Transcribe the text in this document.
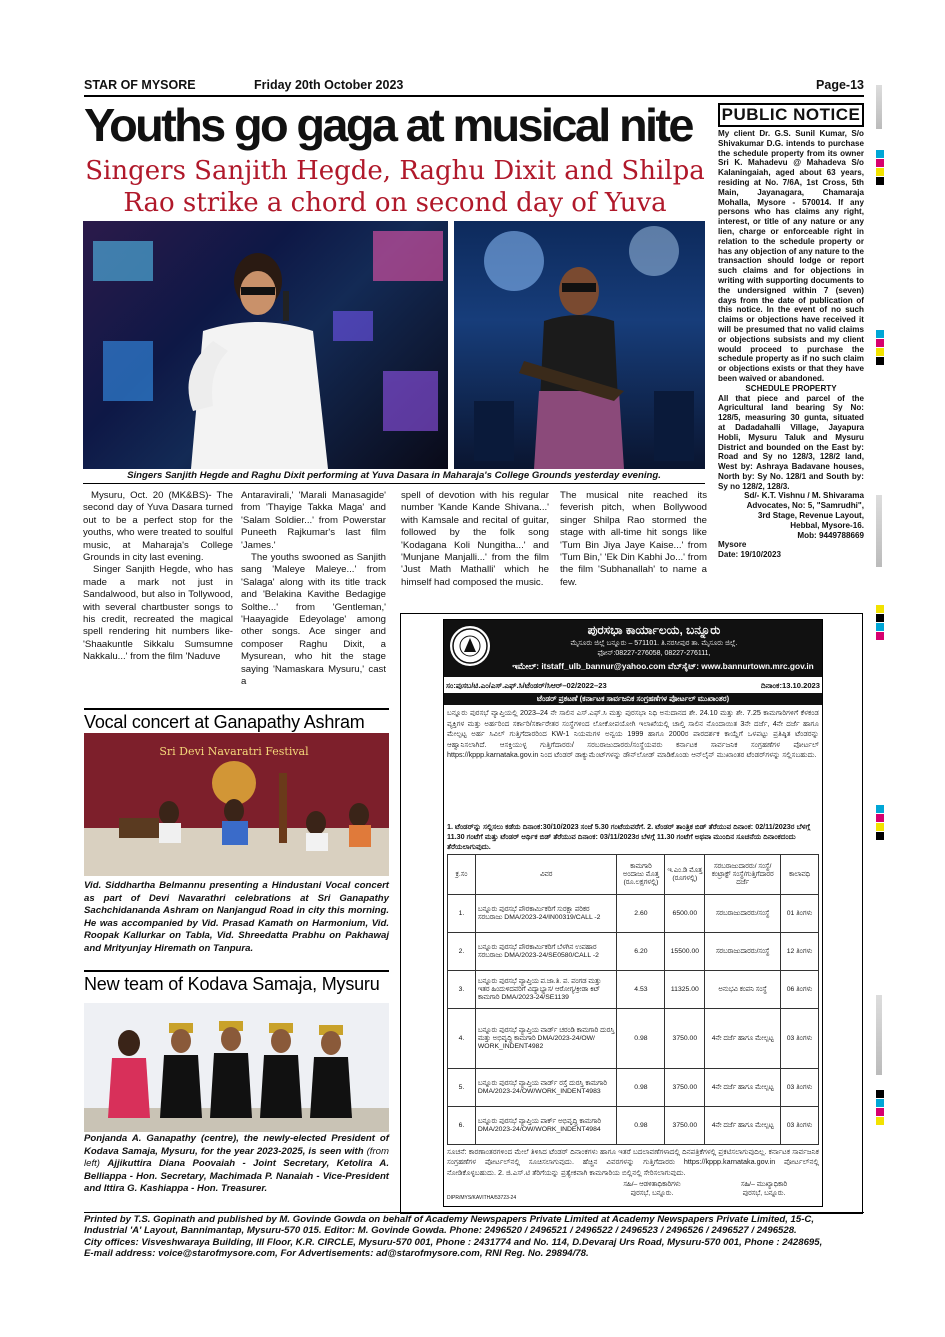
STAR OF MYSORE	Friday 20th October 2023	Page-13
Youths go gaga at musical nite
Singers Sanjith Hegde, Raghu Dixit and Shilpa Rao strike a chord on second day of Yuva
Singers Sanjith Hegde and Raghu Dixit performing at Yuva Dasara in Maharaja's College Grounds yesterday evening.

Mysuru, Oct. 20 (MK&BS)- The second day of Yuva Dasara turned out to be a perfect stop for the youths, who were treated to soulful music, at Maharaja's College Grounds in city last evening.

Singer Sanjith Hegde, who has made a mark not just in Sandalwood, but also in Tollywood, with several chartbuster songs to his credit, recreated the magical spell rendering hit numbers like- 'Shaakuntle Sikkalu Sumsumne Nakkalu...' from the film 'Naduve

Antaravirali,' 'Marali Manasagide' from 'Thayige Takka Maga' and 'Salam Soldier...' from Powerstar Puneeth Rajkumar's last film 'James.'

The youths swooned as Sanjith sang 'Maleye Maleye...' from 'Salaga' along with its title track and 'Belakina Kavithe Bedagige Solthe...' from 'Gentleman,' 'Haayagide Edeyolage' among other songs. Ace singer and composer Raghu Dixit, a Mysurean, who hit the stage saying 'Namaskara Mysuru,' cast a

spell of devotion with his regular number 'Kande Kande Shivana...' with Kamsale and recital of guitar, followed by the folk song 'Kodagana Koli Nungitha...' and 'Munjane Manjalli...' from the film 'Just Math Mathalli' which he himself had composed the music.

The musical nite reached its feverish pitch, when Bollywood singer Shilpa Rao stormed the stage with all-time hit songs like 'Tum Bin Jiya Jaye Kaise...' from 'Tum Bin,' 'Ek Din Kabhi Jo...' from the film 'Subhanallah' to name a few.

PUBLIC NOTICE

My client Dr. G.S. Sunil Kumar, S/o Shivakumar D.G. intends to purchase the schedule property from its owner Sri K. Mahadevu @ Mahadeva S/o Kalaningaiah, aged about 63 years, residing at No. 7/6A, 1st Cross, 5th Main, Jayanagara, Chamaraja Mohalla, Mysore - 570014. If any persons who has claims any right, interest, or title of any nature or any lien, charge or enforceable right in relation to the schedule property or has any objection of any nature to the transaction should lodge or report such claims and for objections in writing with supporting documents to the undersigned within 7 (seven) days from the date of publication of this notice. In the event of no such claims or objections have received it will be presumed that no valid claims or objections subsists and my client would proceed to purchase the schedule property as if no such claim or objections exists or that they have been waived or abandoned.

SCHEDULE PROPERTY

All that piece and parcel of the Agricultural land bearing Sy No: 128/5, measuring 30 gunta, situated at Dadadahalli Village, Jayapura Hobli, Mysuru Taluk and Mysuru District and bounded on the East by: Road and Sy no 128/3, 128/2 land, West by: Ashraya Badavane houses, North by: Sy No. 128/1 and South by: Sy no 128/2, 128/3.

Sd/- K.T. Vishnu / M. Shivarama

Advocates, No: 5, "Samrudhi",

3rd Stage, Revenue Layout,

Hebbal, Mysore-16.

Mob: 9449788669

Mysore

Date: 19/10/2023

Vocal concert at Ganapathy Ashram
Sri Devi Navaratri Festival
Vid. Siddhartha Belmannu presenting a Hindustani Vocal concert as part of Devi Navarathri celebrations at Sri Ganapathy Sachchidananda Ashram on Nanjangud Road in city this morning. He was accompanied by Vid. Prasad Kamath on Harmonium, Vid. Roopak Kallurkar on Tabla, Vid. Shreedatta Prabhu on Pakhawaj and Mrityunjay Hiremath on Tanpura.
New team of Kodava Samaja, Mysuru
Ponjanda A. Ganapathy (centre), the newly-elected President of Kodava Samaja, Mysuru, for the year 2023-2025, is seen with (from left) Ajjikuttira Diana Poovaiah - Joint Secretary, Ketolira A. Belliappa - Hon. Secretary, Machimada P. Nanaiah - Vice-President and Ittira G. Kashiappa - Hon. Treasurer.
ಪುರಸಭಾ ಕಾರ್ಯಾಲಯ, ಬನ್ನೂರು
ಮೈಸೂರು ಜಿಲ್ಲೆ ಬನ್ನೂರು – 571101. ತಿ.ನರಸೀಪುರ ತಾ. ಮೈಸೂರು ಜಿಲ್ಲೆ.
ಫೋನ್:08227-276058, 08227-276111,
ಇಮೇಲ್: itstaff_ulb_bannur@yahoo.com ವೆಬ್‌ಸೈಟ್: www.bannurtown.mrc.gov.in
ಸಂ:ಪುಸಬ/ಟಿ.ಎಂ/ಎಸ್.ಎಫ್.ಸಿ/ಟೆಂಡರ್/ಸಿಆರ್–02/2022–23	ದಿನಾಂಕ:13.10.2023
ಟೆಂಡರ್ ಪ್ರಕಟಣೆ (ಕರ್ನಾಟಕ ಸಾರ್ವಜನಿಕ ಸಂಗ್ರಹಣೆಗಳ ಪೋರ್ಟಲ್ ಮುಖಾಂತರ)
ಬನ್ನೂರು ಪುರಸಭೆ ವ್ಯಾಪ್ತಿಯಲ್ಲಿ 2023–24 ನೇ ಸಾಲಿನ ಎಸ್.ಎಫ್.ಸಿ ಮತ್ತು ಪುರಸಭಾ ನಿಧಿ ಅನುದಾನದ ಶೇ. 24.10 ಮತ್ತು ಶೇ. 7.25 ಕಾಮಗಾರಿಗಳಿಗೆ ಕೆಳಕಂಡ ವ್ಯಕ್ತಿಗಳ ಮತ್ತು ಅರ್ಹರಿಂದ ಸರ್ಕಾರಿ/ಸರ್ಕಾರೇತರ ಸಂಸ್ಥೆಗಳಿಂದ ಲೋಕೋಪಯೋಗಿ ಇಲಾಖೆಯಲ್ಲಿ ಚಾಲ್ತಿ ಸಾಲಿನ ನೊಂದಾಯಿತ 3ನೇ ದರ್ಜೆ, 4ನೇ ದರ್ಜೆ ಹಾಗೂ ಮೇಲ್ಪಟ್ಟ ಅರ್ಹ ಸಿವಿಲ್ ಗುತ್ತಿಗೆದಾರರಿಂದ KW-1 ನಿಯಮಗಳ ಅನ್ವಯ 1999 ಹಾಗೂ 2000ರ ಪಾರದರ್ಶಕ ಕಾಯ್ದೆಗೆ ಒಳಪಟ್ಟು ಪ್ರತಿಷ್ಠಿತ ಟೆಂಡರನ್ನು ಆಹ್ವಾನಿಸಲಾಗಿದೆ. ಆಸಕ್ತಿಯುಳ್ಳ ಗುತ್ತಿಗೆದಾರರು/ ಸರಬರಾಜುದಾರರು/ಸಂಸ್ಥೆಯವರು ಕರ್ನಾಟಕ ಸಾರ್ವಜನಿಕ ಸಂಗ್ರಹಣೆಗಳ ಪೋರ್ಟಲ್ https://kppp.karnataka.gov.in ನಿಂದ ಟೆಂಡರ್ ಡಾಕ್ಯುಮೆಂಟ್‌ಗಳನ್ನು ಡೌನ್‌ಲೋಡ್ ಮಾಡಿಕೊಂಡು ಆನ್‌ಲೈನ್ ಮುಖಾಂತರ ಟೆಂಡರ್‌ಗಳನ್ನು ಸಲ್ಲಿಸಬಹುದು.
1. ಟೆಂಡರ್‌ನ್ನು ಸಲ್ಲಿಸಲು ಕಡೆಯ ದಿನಾಂಕ:30/10/2023 ಸಂಜೆ 5.30 ಗಂಟೆಯವರೆಗೆ. 2. ಟೆಂಡರ್ ತಾಂತ್ರಿಕ ಬಿಡ್ ತೆರೆಯುವ ದಿನಾಂಕ: 02/11/2023ರ ಬೆಳಗ್ಗೆ 11.30 ಗಂಟೆಗೆ ಮತ್ತು ಟೆಂಡರ್ ಆರ್ಥಿಕ ಬಿಡ್ ತೆರೆಯುವ ದಿನಾಂಕ: 03/11/2023ರ ಬೆಳಗ್ಗೆ 11.30 ಗಂಟೆಗೆ ಅಥವಾ ಮುಂದಿನ ಸೂಚನೆಯ ದಿನಾಂಕದಂದು ತೆರೆಯಲಾಗುವುದು.
ಕ್ರ.ಸಂ	ವಿವರ	ಕಾಮಗಾರಿ ಅಂದಾಜು ಮೊತ್ತ (ರೂ.ಲಕ್ಷಗಳಲ್ಲಿ)	ಇ.ಎಂ.ಡಿ ಮೊತ್ತ (ರೂಗಳಲ್ಲಿ)	ಸರಬರಾಜುದಾರರು/ ಸಂಸ್ಥೆ/ಕಂಟ್ರಾಕ್ಟ್ ಸಂಸ್ಥೆ/ಗುತ್ತಿಗೆದಾರರ ದರ್ಜೆ	ಕಾಲಾವಧಿ
1.	ಬನ್ನೂರು ಪುರಸಭೆ ಪೌರಕಾರ್ಮಿಕರಿಗೆ ಸುರಕ್ಷಾ ಪರಿಕರ ಸರಬರಾಜು DMA/2023-24/IN00319/CALL -2	2.60	6500.00	ಸರಬರಾಜುದಾರರು/ಸಂಸ್ಥೆ	01 ತಿಂಗಳು
2.	ಬನ್ನೂರು ಪುರಸಭೆ ಪೌರಕಾರ್ಮಿಕರಿಗೆ ಬೆಳಗಿನ ಉಪಹಾರ ಸರಬರಾಜು DMA/2023-24/SE0580/CALL -2	6.20	15500.00	ಸರಬರಾಜುದಾರರು/ಸಂಸ್ಥೆ	12 ತಿಂಗಳು
3.	ಬನ್ನೂರು ಪುರಸಭೆ ವ್ಯಾಪ್ತಿಯ ಪ.ಜಾ.ತಿ. ಪ. ಪಂಗಡ ಮತ್ತು ಇತರ ಹಿಂದುಳಿದವರಿಗೆ ವಿದ್ಯಾಭ್ಯಾಸ/ ಆರೋಗ್ಯ/ಕ್ರೀಡಾ ಕಿಟ್ ಕಾಮಗಾರಿ DMA/2023-24/SE1139	4.53	11325.00	ಅನುಭವಿ ಕಂಪನಿ ಸಂಸ್ಥೆ	06 ತಿಂಗಳು
4.	ಬನ್ನೂರು ಪುರಸಭೆ ವ್ಯಾಪ್ತಿಯ ವಾರ್ಡ್ ಚರಂಡಿ ಕಾಮಗಾರಿ ದುರಸ್ತಿ ಮತ್ತು ಅಭಿವೃದ್ಧಿ ಕಾಮಗಾರಿ DMA/2023-24/OW/ WORK_INDENT4982	0.98	3750.00	4ನೇ ದರ್ಜೆ ಹಾಗೂ ಮೇಲ್ಪಟ್ಟ	03 ತಿಂಗಳು
5.	ಬನ್ನೂರು ಪುರಸಭೆ ವ್ಯಾಪ್ತಿಯ ವಾರ್ಡ್ ರಸ್ತೆ ದುರಸ್ತಿ ಕಾಮಗಾರಿ DMA/2023-24/OW/WORK_INDENT4983	0.98	3750.00	4ನೇ ದರ್ಜೆ ಹಾಗೂ ಮೇಲ್ಪಟ್ಟ	03 ತಿಂಗಳು
6.	ಬನ್ನೂರು ಪುರಸಭೆ ವ್ಯಾಪ್ತಿಯ ಪಾರ್ಕ್ ಅಭಿವೃದ್ಧಿ ಕಾಮಗಾರಿ DMA/2023-24/OW/WORK_INDENT4984	0.98	3750.00	4ನೇ ದರ್ಜೆ ಹಾಗೂ ಮೇಲ್ಪಟ್ಟ	03 ತಿಂಗಳು
ಸೂಚನೆ: ಕಾರಣಾಂತರಗಳಿಂದ ಮೇಲೆ ತಿಳಿಸಿದ ಟೆಂಡರ್ ದಿನಾಂಕಗಳು ಹಾಗೂ ಇತರೆ ಬದಲಾವಣೆಗಳಾದಲ್ಲಿ ದಿನಪತ್ರಿಕೆಗಳಲ್ಲಿ ಪ್ರಕಟಿಸಲಾಗುವುದಿಲ್ಲ. ಕರ್ನಾಟಕ ಸಾರ್ವಜನಿಕ ಸಂಗ್ರಹಣೆಗಳ ಪೋರ್ಟಲ್‌ನಲ್ಲಿ ಸೂಚಿಸಲಾಗುವುದು. ಹೆಚ್ಚಿನ ವಿವರಗಳನ್ನು ಗುತ್ತಿಗೆದಾರರು https://kppp.karnataka.gov.in ಪೋರ್ಟಲ್‌ನಲ್ಲಿ ನೋಡಿಕೊಳ್ಳಬಹುದು. 2. ಜಿ.ಎಸ್.ಟಿ ತೆರಿಗೆಯನ್ನು ಪ್ರತ್ಯೇಕವಾಗಿ ಕಾಮಗಾರಿಯ ಬಿಲ್ಲಿನಲ್ಲಿ ಸೇರಿಸಲಾಗುವುದು.

ಸಹಿ/– ಆಡಳಿತಾಧಿಕಾರಿಗಳು

ಪುರಸಭೆ, ಬನ್ನೂರು.

ಸಹಿ/– ಮುಖ್ಯಾಧಿಕಾರಿ

ಪುರಸಭೆ, ಬನ್ನೂರು.

DIPR/MYS/KAVITHA/53723-24

Printed by T.S. Gopinath and published by M. Govinde Gowda on behalf of Academy Newspapers Private Limited at Academy Newspapers Private Limited, 15-C,

Industrial 'A' Layout, Bannimantap, Mysuru-570 015. Editor: M. Govinde Gowda. Phone: 2496520 / 2496521 / 2496522 / 2496523 / 2496526 / 2496527 / 2496528.

City offices: Visveshwaraya Building, III Floor, K.R. CIRCLE, Mysuru-570 001, Phone : 2431774 and No. 114, D.Devaraj Urs Road, Mysuru-570 001, Phone : 2428695,

E-mail address: voice@starofmysore.com, For Advertisements: ad@starofmysore.com, RNI Reg. No. 29894/78.
